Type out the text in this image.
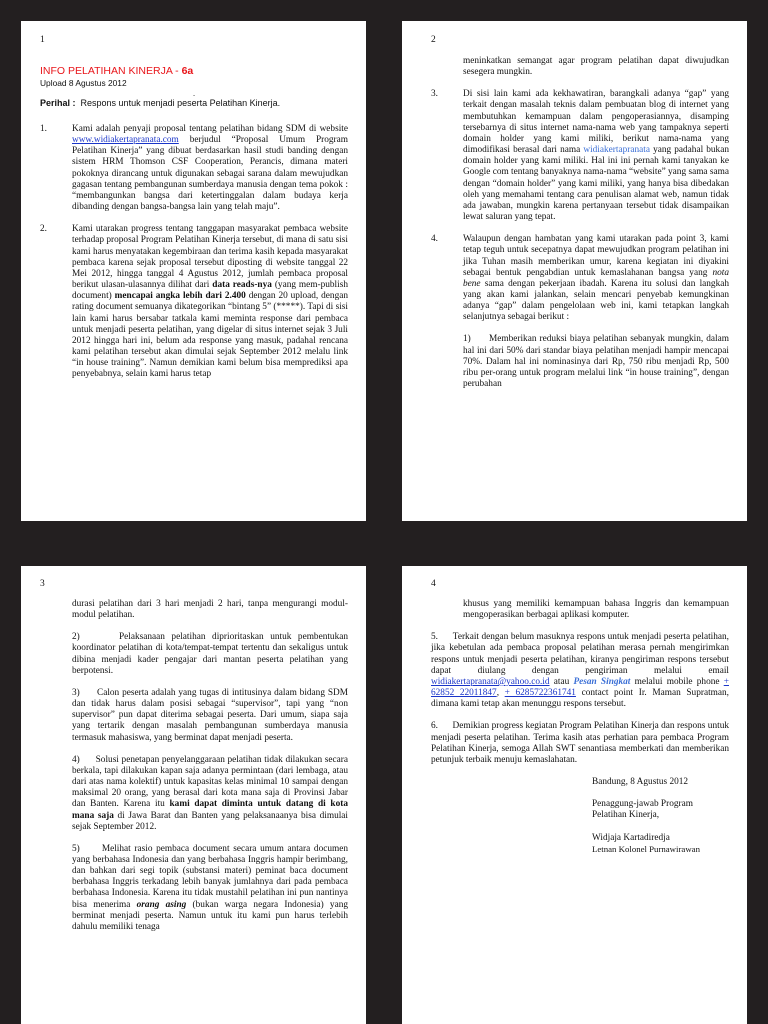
1
INFO PELATIHAN KINERJA - 6a
Upload 8 Agustus 2012
.
Perihal : Respons untuk menjadi peserta Pelatihan Kinerja.
1.	Kami adalah penyaji proposal tentang pelatihan bidang SDM di website www.widiakertapranata.com berjudul “Proposal Umum Program Pelatihan Kinerja” yang dibuat berdasarkan hasil studi banding dengan sistem HRM Thomson CSF Cooperation, Perancis, dimana materi pokoknya dirancang untuk digunakan sebagai sarana dalam mewujudkan gagasan tentang pembangunan sumberdaya manusia dengan tema pokok : “membangunkan bangsa dari ketertinggalan dalam budaya kerja dibanding dengan bangsa-bangsa lain yang telah maju”.

2.	Kami utarakan progress tentang tanggapan masyarakat pembaca website terhadap proposal Program Pelatihan Kinerja tersebut, di mana di satu sisi kami harus menyatakan kegembiraan dan terima kasih kepada masyarakat pembaca karena sejak proposal tersebut diposting di website tanggal 22 Mei 2012, hingga tanggal 4 Agustus 2012, jumlah pembaca proposal berikut ulasan-ulasannya dilihat dari data reads-nya (yang mem-publish document) mencapai angka lebih dari 2.400 dengan 20 upload, dengan rating document semuanya dikategorikan “bintang 5” (*****). Tapi di sisi lain kami harus bersabar tatkala kami meminta response dari pembaca untuk menjadi peserta pelatihan, yang digelar di situs internet sejak 3 Juli 2012 hingga hari ini, belum ada response yang masuk, padahal rencana kami pelatihan tersebut akan dimulai sejak September 2012 melalu link “in house training”. Namun demikian kami belum bisa memprediksi apa penyebabnya, selain kami harus tetap

2

meninkatkan semangat agar program pelatihan dapat diwujudkan sesegera mungkin.

3.	Di sisi lain kami ada kekhawatiran, barangkali adanya “gap” yang terkait dengan masalah teknis dalam pembuatan blog di internet yang membutuhkan kemampuan dalam pengoperasiannya, disamping tersebarnya di situs internet nama-nama web yang tampaknya seperti domain holder yang kami miliki, berikut nama-nama yang dimodifikasi berasal dari nama widiakertapranata yang padahal bukan domain holder yang kami miliki. Hal ini ini pernah kami tanyakan ke Google com tentang banyaknya nama-nama “website” yang sama sama dengan “domain holder” yang kami miliki, yang hanya bisa dibedakan oleh yang memahami tentang cara penulisan alamat web, namun tidak ada jawaban, mungkin karena pertanyaan tersebut tidak disampaikan lewat saluran yang tepat.

4.	Walaupun dengan hambatan yang kami utarakan pada point 3, kami tetap teguh untuk secepatnya dapat mewujudkan program pelatihan ini jika Tuhan masih memberikan umur, karena kegiatan ini diyakini sebagai bentuk pengabdian untuk kemaslahanan bangsa yang nota bene sama dengan pekerjaan ibadah. Karena itu solusi dan langkah yang akan kami jalankan, selain mencari penyebab kemungkinan adanya “gap” dalam pengelolaan web ini, kami tetapkan langkah selanjutnya sebagai berikut :

1) Memberikan reduksi biaya pelatihan sebanyak mungkin, dalam hal ini dari 50% dari standar biaya pelatihan menjadi hampir mencapai 70%. Dalam hal ini nominasinya dari Rp, 750 ribu menjadi Rp, 500 ribu per-orang untuk program melalui link “in house training”, dengan perubahan

3

durasi pelatihan dari 3 hari menjadi 2 hari, tanpa mengurangi modul-modul pelatihan.

2)	Pelaksanaan pelatihan diprioritaskan untuk pembentukan koordinator pelatihan di kota/tempat-tempat tertentu dan sekaligus untuk dibina menjadi kader pengajar dari mantan peserta pelatihan yang berpotensi.

3) Calon peserta adalah yang tugas di intitusinya dalam bidang SDM dan tidak harus dalam posisi sebagai “supervisor”, tapi yang “non supervisor” pun dapat diterima sebagai peserta. Dari umum, siapa saja yang tertarik dengan masalah pembangunan sumberdaya manusia termasuk mahasiswa, yang berminat dapat menjadi peserta.

4) Solusi penetapan penyelanggaraan pelatihan tidak dilakukan secara berkala, tapi dilakukan kapan saja adanya permintaan (dari lembaga, atau dari atas nama kolektif) untuk kapasitas kelas minimal 10 sampai dengan maksimal 20 orang, yang berasal dari kota mana saja di Provinsi Jabar dan Banten. Karena itu kami dapat diminta untuk datang di kota mana saja di Jawa Barat dan Banten yang pelaksanaanya bisa dimulai sejak September 2012.

5) Melihat rasio pembaca document secara umum antara documen yang berbahasa Indonesia dan yang berbahasa Inggris hampir berimbang, dan bahkan dari segi topik (substansi materi) peminat baca document berbahasa Inggris terkadang lebih banyak jumlahnya dari pada pembaca berbahasa Indonesia. Karena itu tidak mustahil pelatihan ini pun nantinya bisa menerima orang asing (bukan warga negara Indonesia) yang berminat menjadi peserta. Namun untuk itu kami pun harus terlebih dahulu memiliki tenaga

4

khusus yang memiliki kemampuan bahasa Inggris dan kemampuan mengoperasikan berbagai aplikasi komputer.

5. Terkait dengan belum masuknya respons untuk menjadi peserta pelatihan, jika kebetulan ada pembaca proposal pelatihan merasa pernah mengirimkan respons untuk menjadi peserta pelatihan, kiranya pengiriman respons tersebut dapat diulang dengan pengiriman melalui email widiakertapranata@yahoo.co.id atau Pesan Singkat melalui mobile phone + 62852 22011847, + 6285722361741 contact point Ir. Maman Supratman, dimana kami tetap akan menunggu respons tersebut.

6. Demikian progress kegiatan Program Pelatihan Kinerja dan respons untuk menjadi peserta pelatihan. Terima kasih atas perhatian para pembaca Program Pelatihan Kinerja, semoga Allah SWT senantiasa memberkati dan memberikan petunjuk terbaik menuju kemaslahatan.

Bandung, 8 Agustus 2012

Penaggung-jawab Program Pelatihan Kinerja,

Widjaja Kartadiredja

Letnan Kolonel Purnawirawan
